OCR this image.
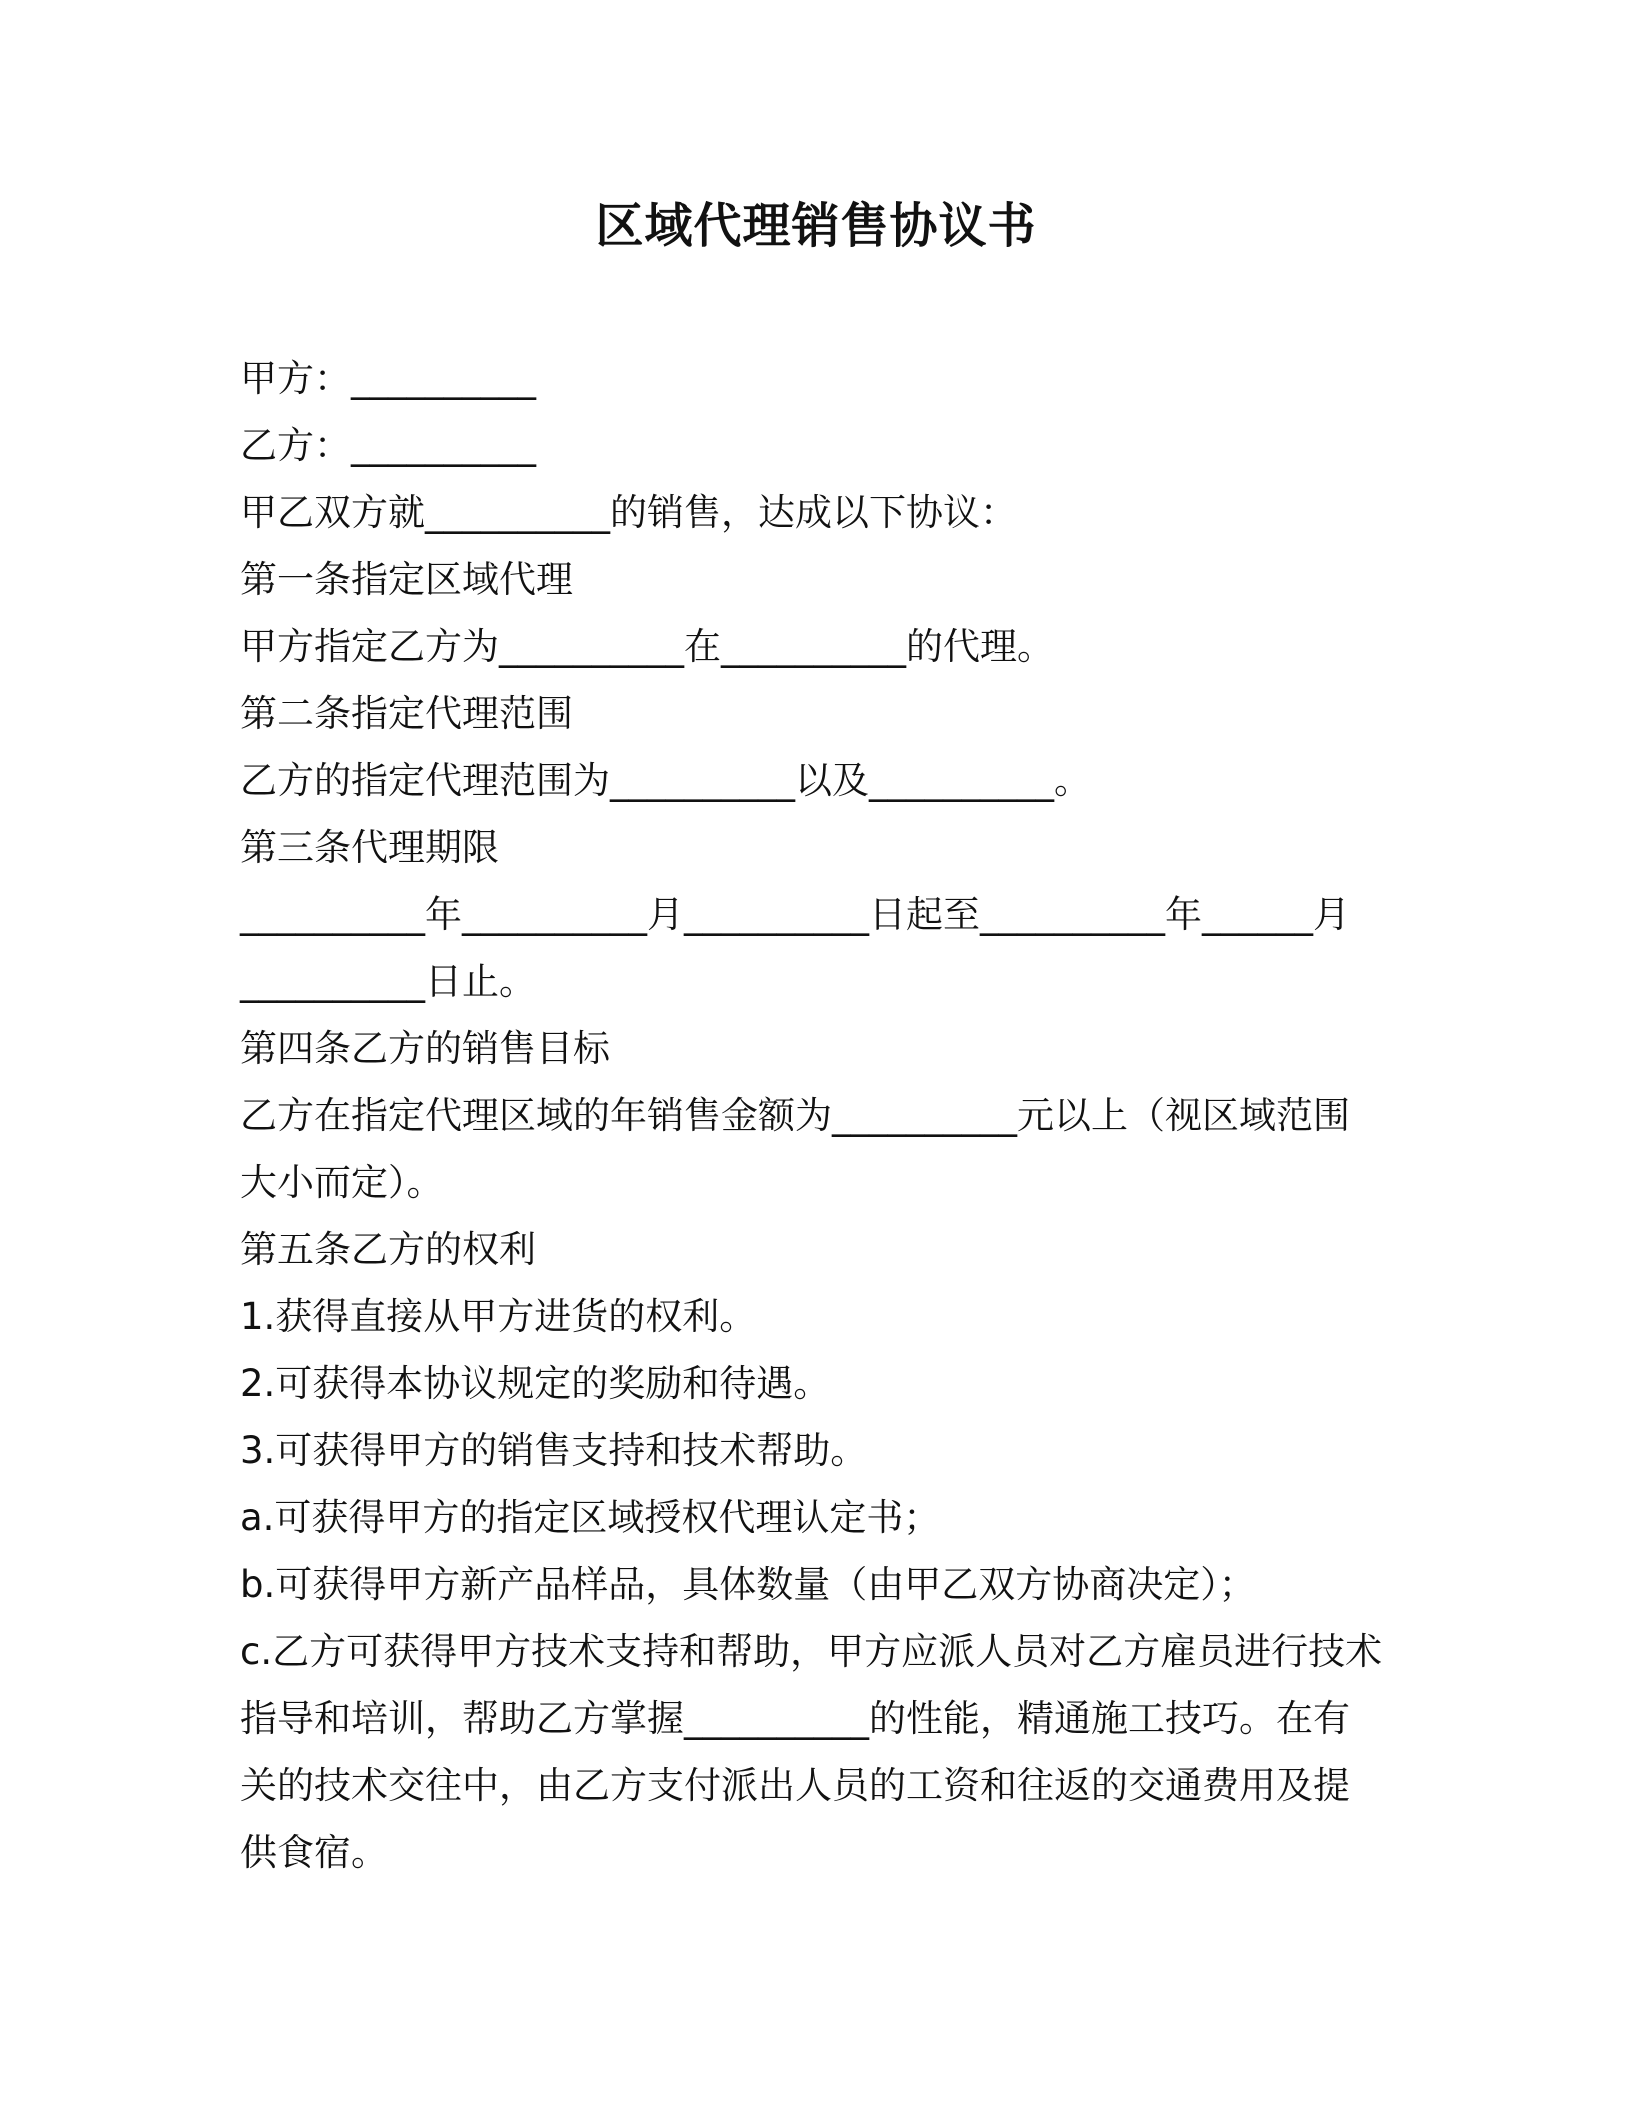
区域代理销售协议书

甲方：__________

乙方：__________

甲乙双方就__________的销售，达成以下协议：

第一条指定区域代理

甲方指定乙方为__________在__________的代理。

第二条指定代理范围

乙方的指定代理范围为__________以及__________。

第三条代理期限

__________年__________月__________日起至__________年______月

__________日止。

第四条乙方的销售目标

乙方在指定代理区域的年销售金额为__________元以上（视区域范围

大小而定）。

第五条乙方的权利

1.获得直接从甲方进货的权利。

2.可获得本协议规定的奖励和待遇。

3.可获得甲方的销售支持和技术帮助。

a.可获得甲方的指定区域授权代理认定书；

b.可获得甲方新产品样品，具体数量（由甲乙双方协商决定）；

c.乙方可获得甲方技术支持和帮助，甲方应派人员对乙方雇员进行技术

指导和培训，帮助乙方掌握__________的性能，精通施工技巧。在有

关的技术交往中，由乙方支付派出人员的工资和往返的交通费用及提

供食宿。
